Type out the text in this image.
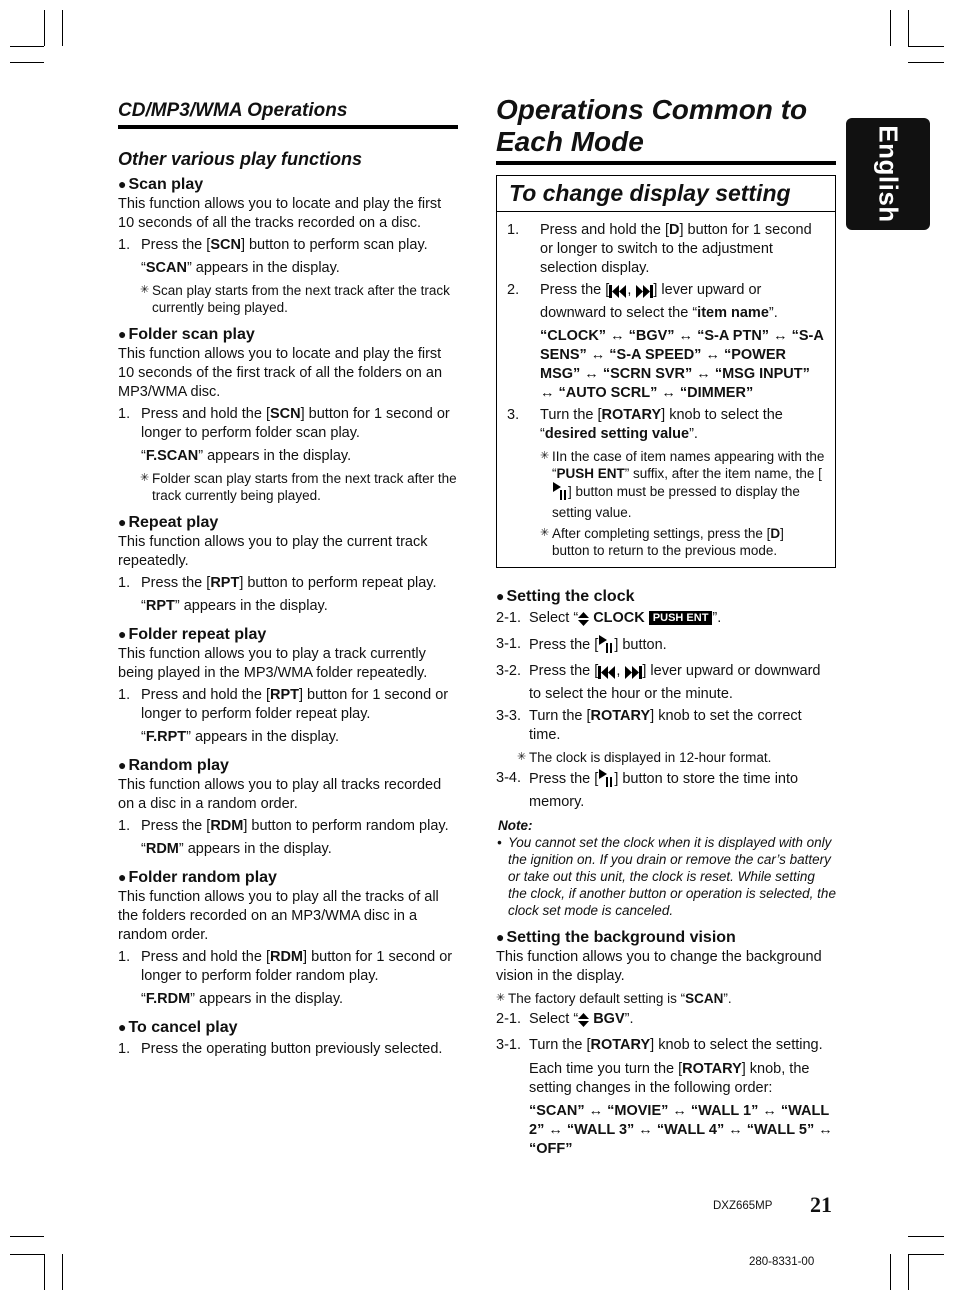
CD/MP3/WMA Operations
Other various play functions
● Scan play

This function allows you to locate and play the first 10 seconds of all the tracks recorded on a disc.

1. Press the [SCN] button to perform scan play.
“SCAN” appears in the display.
✳ Scan play starts from the next track after the track currently being played.
● Folder scan play

This function allows you to locate and play the first 10 seconds of the first track of all the folders on an MP3/WMA disc.

1. Press and hold the [SCN] button for 1 second or longer to perform folder scan play.
“F.SCAN” appears in the display.
✳ Folder scan play starts from the next track after the track currently being played.
● Repeat play

This function allows you to play the current track repeatedly.

1. Press the [RPT] button to perform repeat play.
“RPT” appears in the display.
● Folder repeat play

This function allows you to play a track currently being played in the MP3/WMA folder repeatedly.

1. Press and hold the [RPT] button for 1 second or longer to perform folder repeat play.
“F.RPT” appears in the display.
● Random play

This function allows you to play all tracks recorded on a disc in a random order.

1. Press the [RDM] button to perform random play.
“RDM” appears in the display.
● Folder random play

This function allows you to play all the tracks of all the folders recorded on an MP3/WMA disc in a random order.

1. Press and hold the [RDM] button for 1 second or longer to perform folder random play.
“F.RDM” appears in the display.
● To cancel play
1. Press the operating button previously selected.
Operations Common to
Each Mode
To change display setting
1. Press and hold the [D] button for 1 second or longer to switch to the adjustment selection display.
2. Press the [ , ] lever upward or downward to select the “item name”.
“CLOCK” ↔ “BGV” ↔ “S-A PTN” ↔ “S-A SENS” ↔ “S-A SPEED” ↔ “POWER MSG” ↔ “SCRN SVR” ↔ “MSG INPUT” ↔ “AUTO SCRL” ↔ “DIMMER”
3. Turn the [ROTARY] knob to select the “desired setting value”.
✳ IIn the case of item names appearing with the “PUSH ENT” suffix, after the item name, the [] button must be pressed to display the setting value.
✳ After completing settings, press the [D] button to return to the previous mode.
● Setting the clock
2-1. Select “ CLOCK PUSH ENT ”.
3-1. Press the [ ] button.
3-2. Press the [ , ] lever upward or downward to select the hour or the minute.
3-3. Turn the [ROTARY] knob to set the correct time.
✳ The clock is displayed in 12-hour format.
3-4. Press the [ ] button to store the time into memory.
Note:
• You cannot set the clock when it is displayed with only the ignition on. If you drain or remove the car’s battery or take out this unit, the clock is reset. While setting the clock, if another button or operation is selected, the clock set mode is canceled.
● Setting the background vision

This function allows you to change the background vision in the display.

✳ The factory default setting is “SCAN”.
2-1. Select “ BGV”.
3-1. Turn the [ROTARY] knob to select the setting.
Each time you turn the [ROTARY] knob, the setting changes in the following order:
“SCAN” ↔ “MOVIE” ↔ “WALL 1” ↔ “WALL 2” ↔ “WALL 3” ↔ “WALL 4” ↔ “WALL 5” ↔ “OFF”
English
DXZ665MP 21
280-8331-00
